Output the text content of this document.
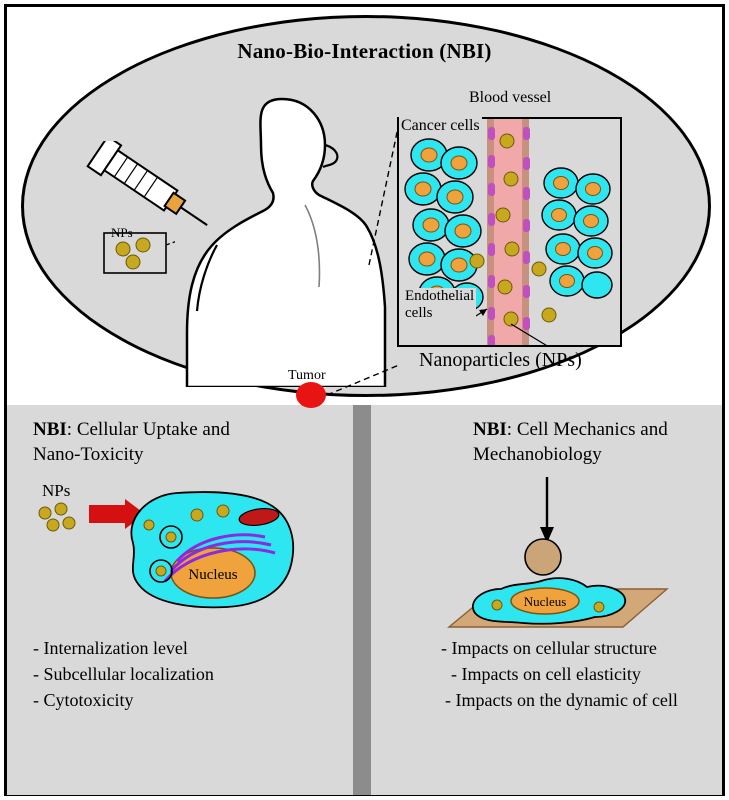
Nano-Bio-Interaction (NBI)
NPs
Tumor
Blood vessel
Cancer cells
Endothelial
cells
Nanoparticles (NPs)
NBI: Cellular Uptake and
Nano-Toxicity
NPs
Nucleus
- Internalization level
- Subcellular localization
- Cytotoxicity
NBI: Cell Mechanics and
Mechanobiology
Nucleus
- Impacts on cellular structure
- Impacts on cell elasticity
- Impacts on the dynamic of cell
